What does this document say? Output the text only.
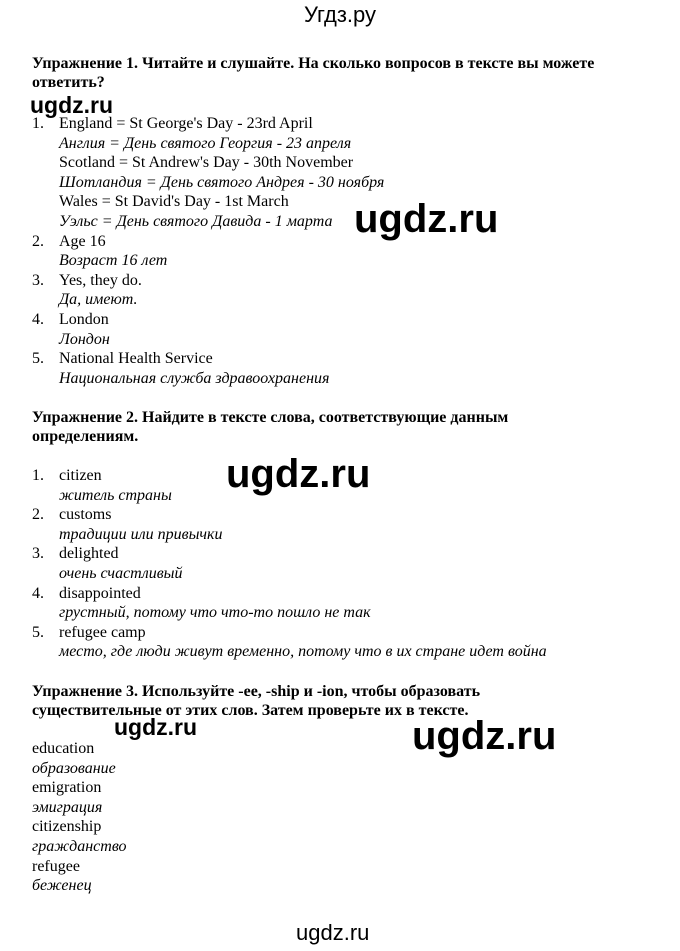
Угдз.ру
Упражнение 1. Читайте и слушайте. На сколько вопросов в тексте вы можете ответить?
1. England = St George's Day - 23rd April
Англия = День святого Георгия - 23 апреля
Scotland = St Andrew's Day - 30th November
Шотландия = День святого Андрея - 30 ноября
Wales = St David's Day - 1st March
Уэльс = День святого Давида - 1 марта
2. Age 16
Возраст 16 лет
3. Yes, they do.
Да, имеют.
4. London
Лондон
5. National Health Service
Национальная служба здравоохранения
Упражнение 2. Найдите в тексте слова, соответствующие данным определениям.
1. citizen
житель страны
2. customs
традиции или привычки
3. delighted
очень счастливый
4. disappointed
грустный, потому что что-то пошло не так
5. refugee camp
место, где люди живут временно, потому что в их стране идет война
Упражнение 3. Используйте -ee, -ship и -ion, чтобы образовать существительные от этих слов. Затем проверьте их в тексте.
education
образование
emigration
эмиграция
citizenship
гражданство
refugee
беженец
ugdz.ru
ugdz.ru
ugdz.ru
ugdz.ru	ugdz.ru
ugdz.ru
